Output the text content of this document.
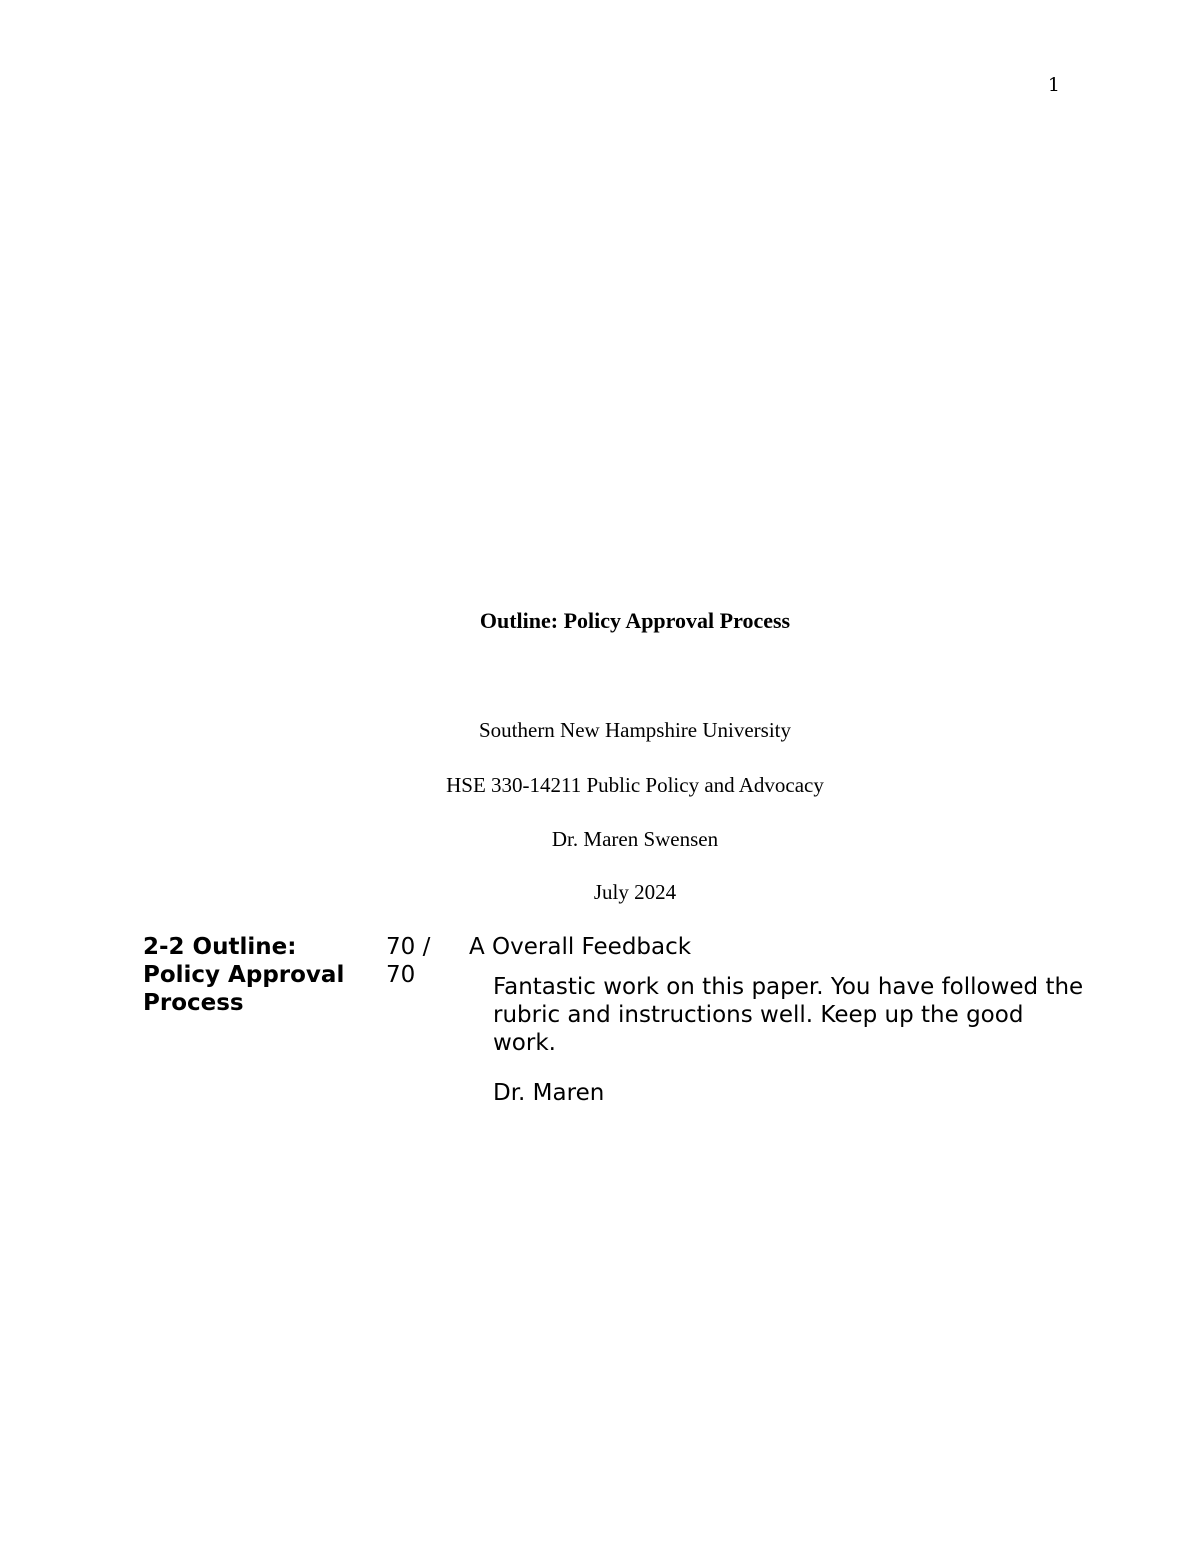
1
Outline: Policy Approval Process
Southern New Hampshire University
HSE 330-14211 Public Policy and Advocacy
Dr. Maren Swensen
July 2024
2-2 Outline: Policy Approval Process
70 /
70

A Overall Feedback

Fantastic work on this paper. You have followed the rubric and instructions well. Keep up the good work.

Dr. Maren
